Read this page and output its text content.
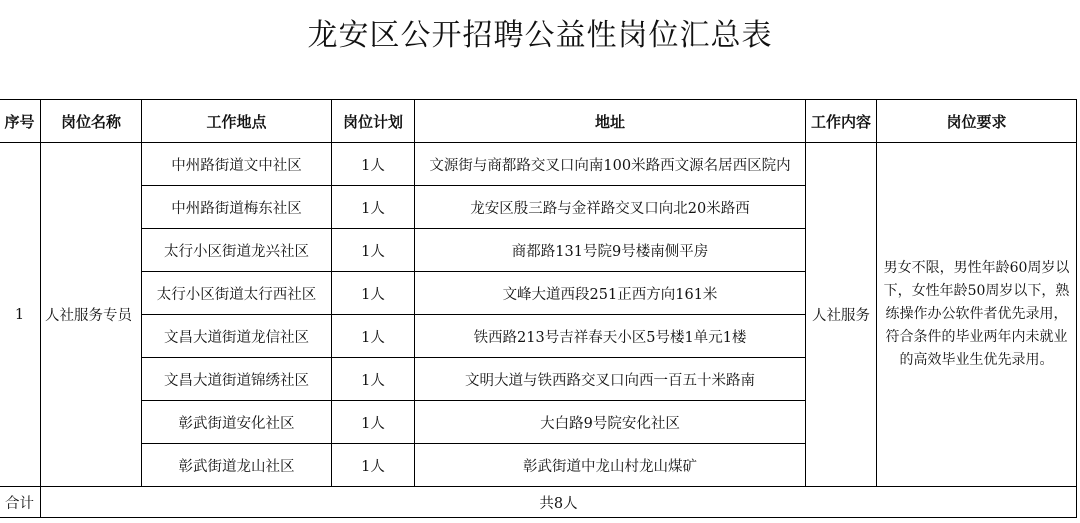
龙安区公开招聘公益性岗位汇总表
序号	岗位名称	工作地点	岗位计划	地址	工作内容	岗位要求
1	人社服务专员	中州路街道文中社区	1人	文源街与商都路交叉口向南100米路西文源名居西区院内	人社服务	男女不限，男性年龄60周岁以下，女性年龄50周岁以下，熟练操作办公软件者优先录用，符合条件的毕业两年内未就业的高效毕业生优先录用。
		中州路街道梅东社区	1人	龙安区殷三路与金祥路交叉口向北20米路西		
		太行小区街道龙兴社区	1人	商都路131号院9号楼南侧平房		
		太行小区街道太行西社区	1人	文峰大道西段251正西方向161米		
		文昌大道街道龙信社区	1人	铁西路213号吉祥春天小区5号楼1单元1楼		
		文昌大道街道锦绣社区	1人	文明大道与铁西路交叉口向西一百五十米路南		
		彰武街道安化社区	1人	大白路9号院安化社区		
		彰武街道龙山社区	1人	彰武街道中龙山村龙山煤矿		
合计	共8人					
